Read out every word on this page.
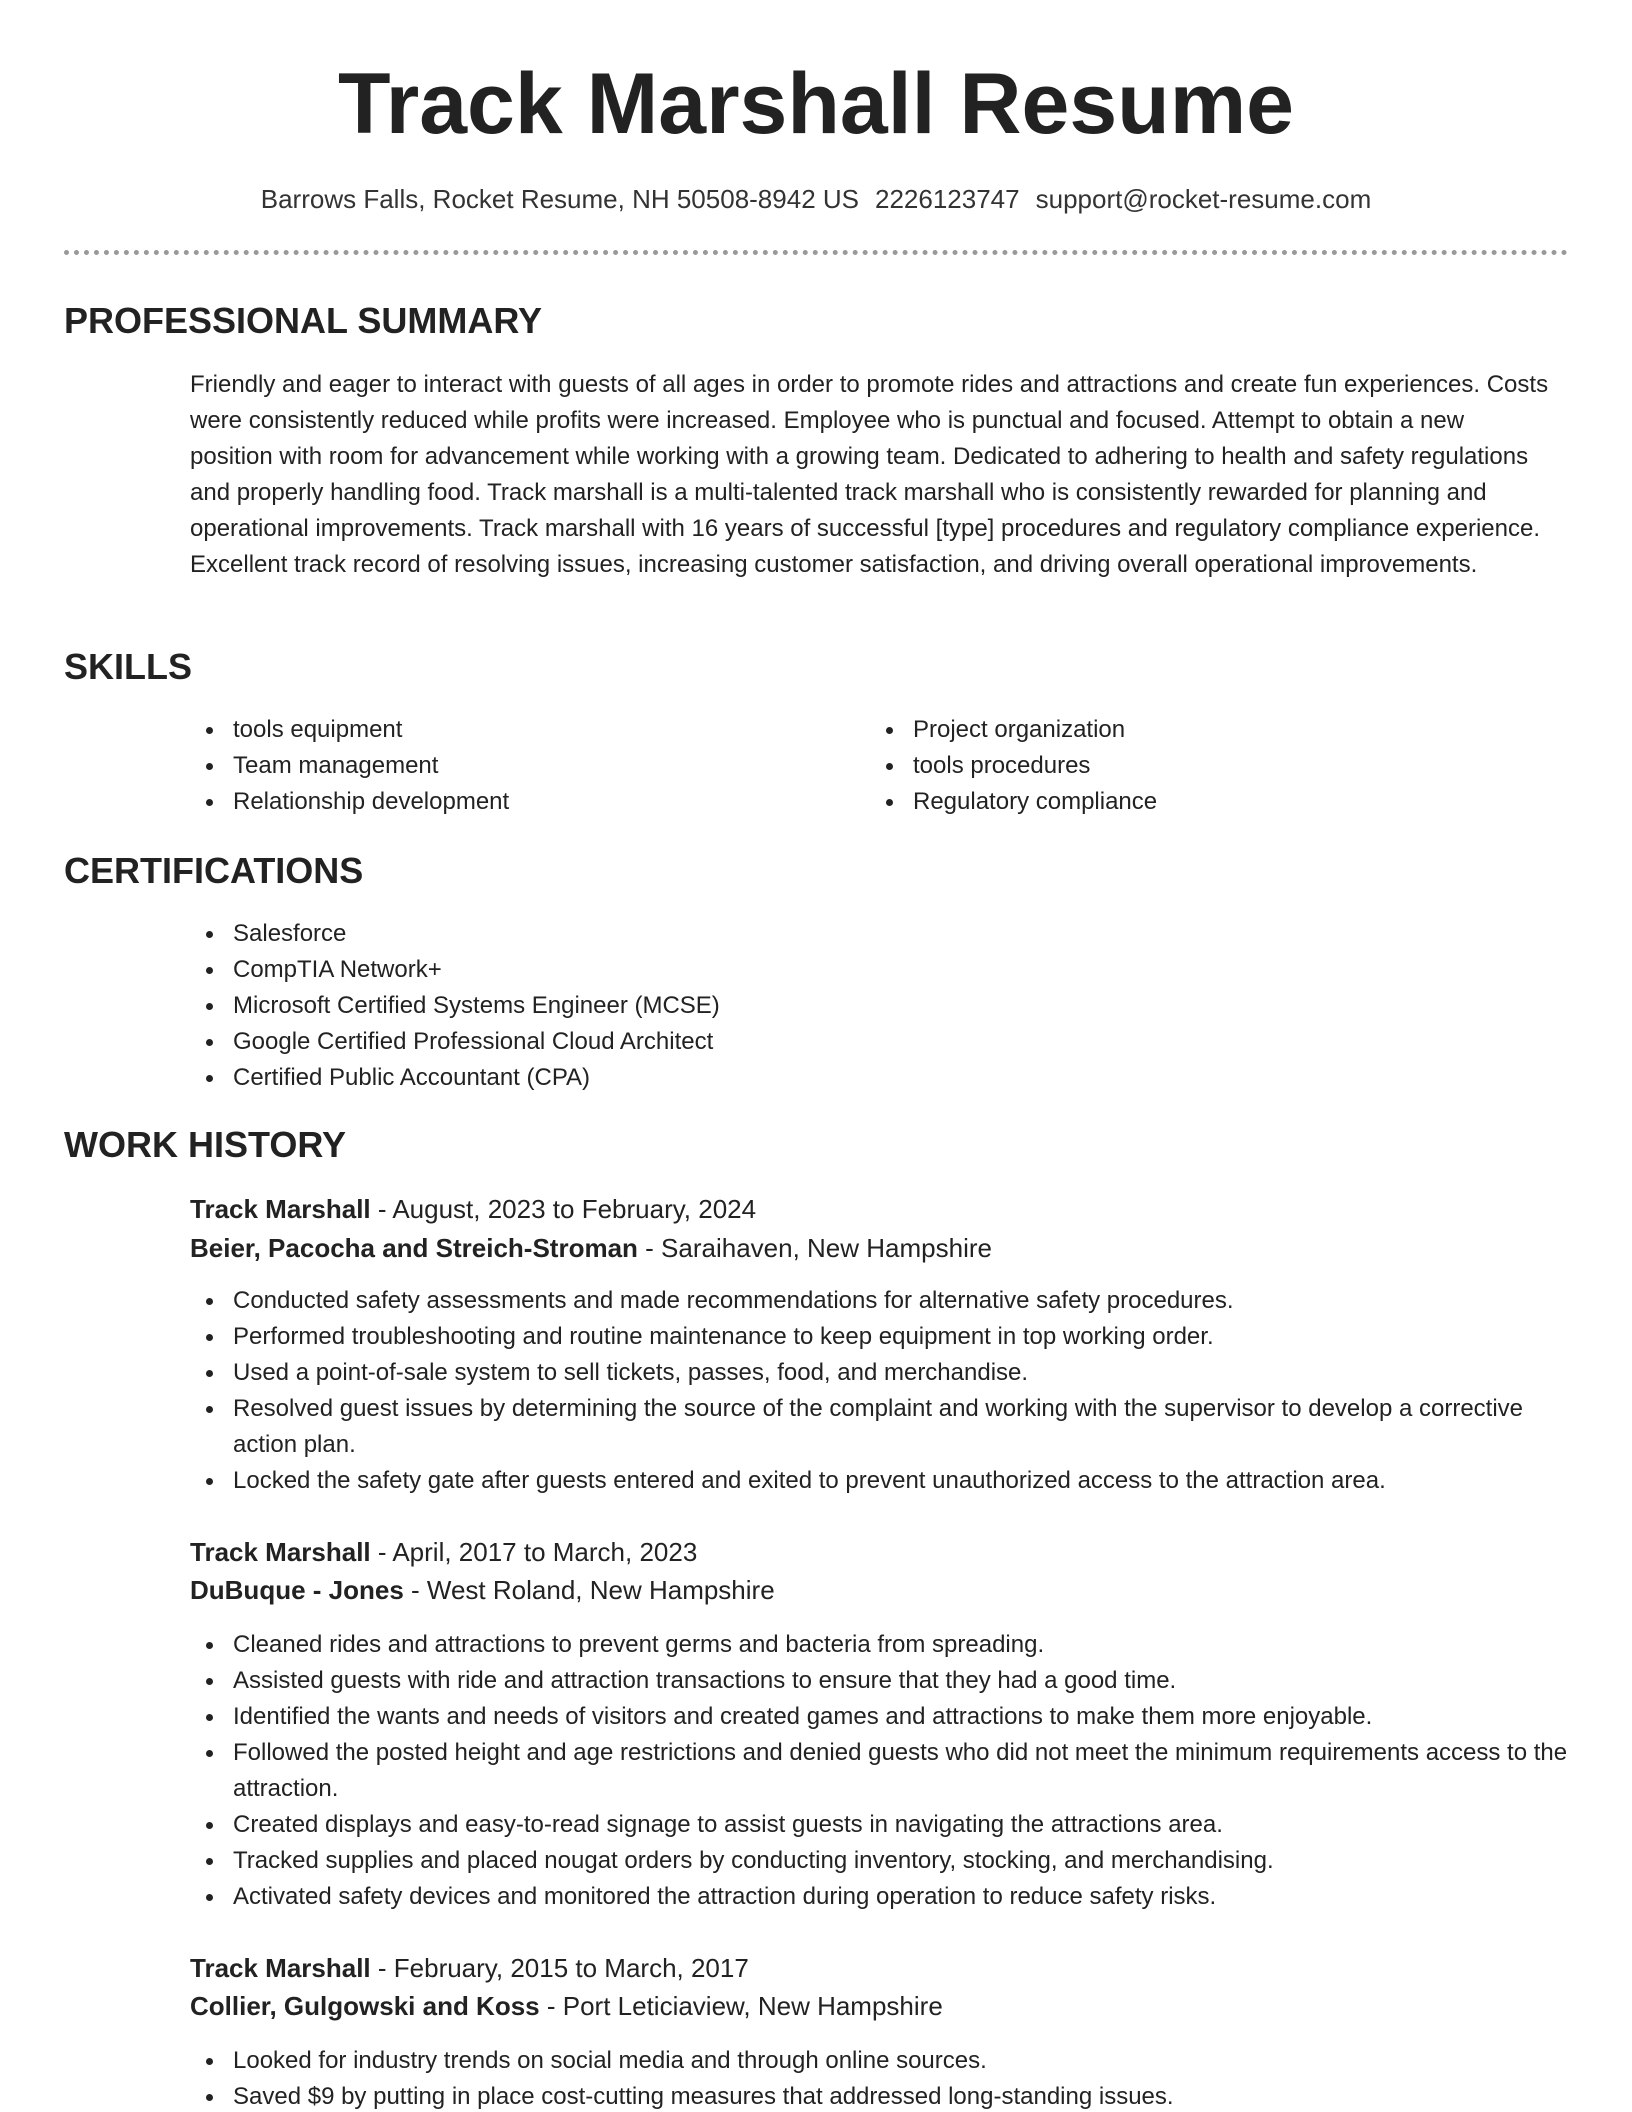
Track Marshall Resume
Barrows Falls, Rocket Resume, NH 50508-8942 US 2226123747 support@rocket-resume.com
PROFESSIONAL SUMMARY
Friendly and eager to interact with guests of all ages in order to promote rides and attractions and create fun experiences. Costs were consistently reduced while profits were increased. Employee who is punctual and focused. Attempt to obtain a new position with room for advancement while working with a growing team. Dedicated to adhering to health and safety regulations and properly handling food. Track marshall is a multi-talented track marshall who is consistently rewarded for planning and operational improvements. Track marshall with 16 years of successful [type] procedures and regulatory compliance experience. Excellent track record of resolving issues, increasing customer satisfaction, and driving overall operational improvements.
SKILLS
tools equipment
Team management
Relationship development
Project organization
tools procedures
Regulatory compliance
CERTIFICATIONS
Salesforce
CompTIA Network+
Microsoft Certified Systems Engineer (MCSE)
Google Certified Professional Cloud Architect
Certified Public Accountant (CPA)
WORK HISTORY
Track Marshall - August, 2023 to February, 2024
Beier, Pacocha and Streich-Stroman - Saraihaven, New Hampshire
Conducted safety assessments and made recommendations for alternative safety procedures.
Performed troubleshooting and routine maintenance to keep equipment in top working order.
Used a point-of-sale system to sell tickets, passes, food, and merchandise.
Resolved guest issues by determining the source of the complaint and working with the supervisor to develop a corrective action plan.
Locked the safety gate after guests entered and exited to prevent unauthorized access to the attraction area.
Track Marshall - April, 2017 to March, 2023
DuBuque - Jones - West Roland, New Hampshire
Cleaned rides and attractions to prevent germs and bacteria from spreading.
Assisted guests with ride and attraction transactions to ensure that they had a good time.
Identified the wants and needs of visitors and created games and attractions to make them more enjoyable.
Followed the posted height and age restrictions and denied guests who did not meet the minimum requirements access to the attraction.
Created displays and easy-to-read signage to assist guests in navigating the attractions area.
Tracked supplies and placed nougat orders by conducting inventory, stocking, and merchandising.
Activated safety devices and monitored the attraction during operation to reduce safety risks.
Track Marshall - February, 2015 to March, 2017
Collier, Gulgowski and Koss - Port Leticiaview, New Hampshire
Looked for industry trends on social media and through online sources.
Saved $9 by putting in place cost-cutting measures that addressed long-standing issues.
